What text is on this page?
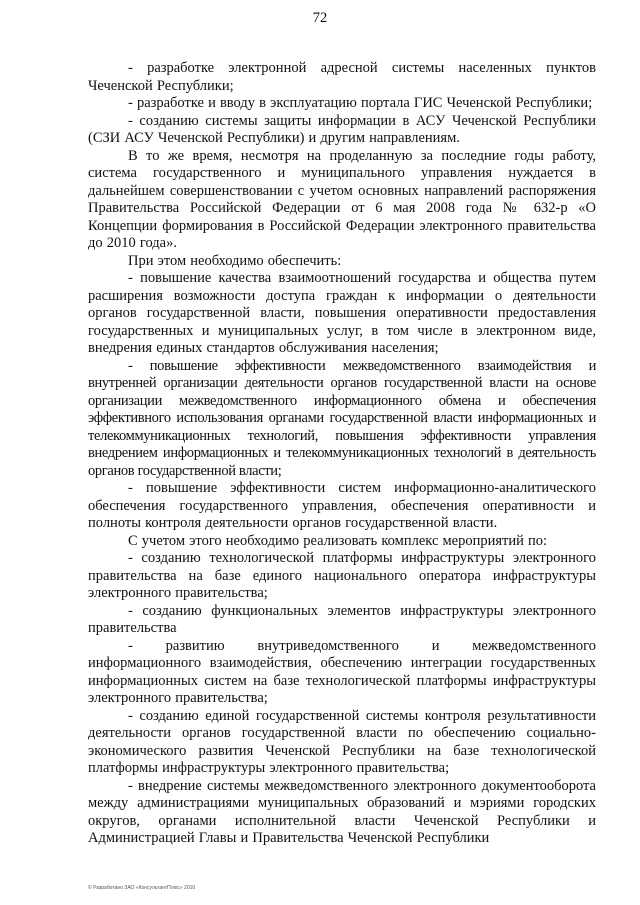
72

- разработке электронной адресной системы населенных пунктов Чеченской Республики;

- разработке и вводу в эксплуатацию портала ГИС Чеченской Республики;

- созданию системы защиты информации в АСУ Чеченской Республики (СЗИ АСУ Чеченской Республики) и другим направлениям.

В то же время, несмотря на проделанную за последние годы работу, система государственного и муниципального управления нуждается в дальнейшем совершенствовании с учетом основных направлений распоряжения Правительства Российской Федерации от 6 мая 2008 года № 632-р «О Концепции формирования в Российской Федерации электронного правительства до 2010 года».

При этом необходимо обеспечить:

- повышение качества взаимоотношений государства и общества путем расширения возможности доступа граждан к информации о деятельности органов государственной власти, повышения оперативности предоставления государственных и муниципальных услуг, в том числе в электронном виде, внедрения единых стандартов обслуживания населения;

- повышение эффективности межведомственного взаимодействия и внутренней организации деятельности органов государственной власти на основе организации межведомственного информационного обмена и обеспечения эффективного использования органами государственной власти информационных и телекоммуникационных технологий, повышения эффективности управления внедрением информационных и телекоммуникационных технологий в деятельность органов государственной власти;

- повышение эффективности систем информационно-аналитического обеспечения государственного управления, обеспечения оперативности и полноты контроля деятельности органов государственной власти.

С учетом этого необходимо реализовать комплекс мероприятий по:

- созданию технологической платформы инфраструктуры электронного правительства на базе единого национального оператора инфраструктуры электронного правительства;

- созданию функциональных элементов инфраструктуры электронного правительства

- развитию внутриведомственного и межведомственного информационного взаимодействия, обеспечению интеграции государственных информационных систем на базе технологической платформы инфраструктуры электронного правительства;

- созданию единой государственной системы контроля результативности деятельности органов государственной власти по обеспечению социально-экономического развития Чеченской Республики на базе технологической платформы инфраструктуры электронного правительства;

- внедрение системы межведомственного электронного документооборота между администрациями муниципальных образований и мэриями городских округов, органами исполнительной власти Чеченской Республики и Администрацией Главы и Правительства Чеченской Республики

© Разработано ЗАО «КонсультантПлюс» 2010
